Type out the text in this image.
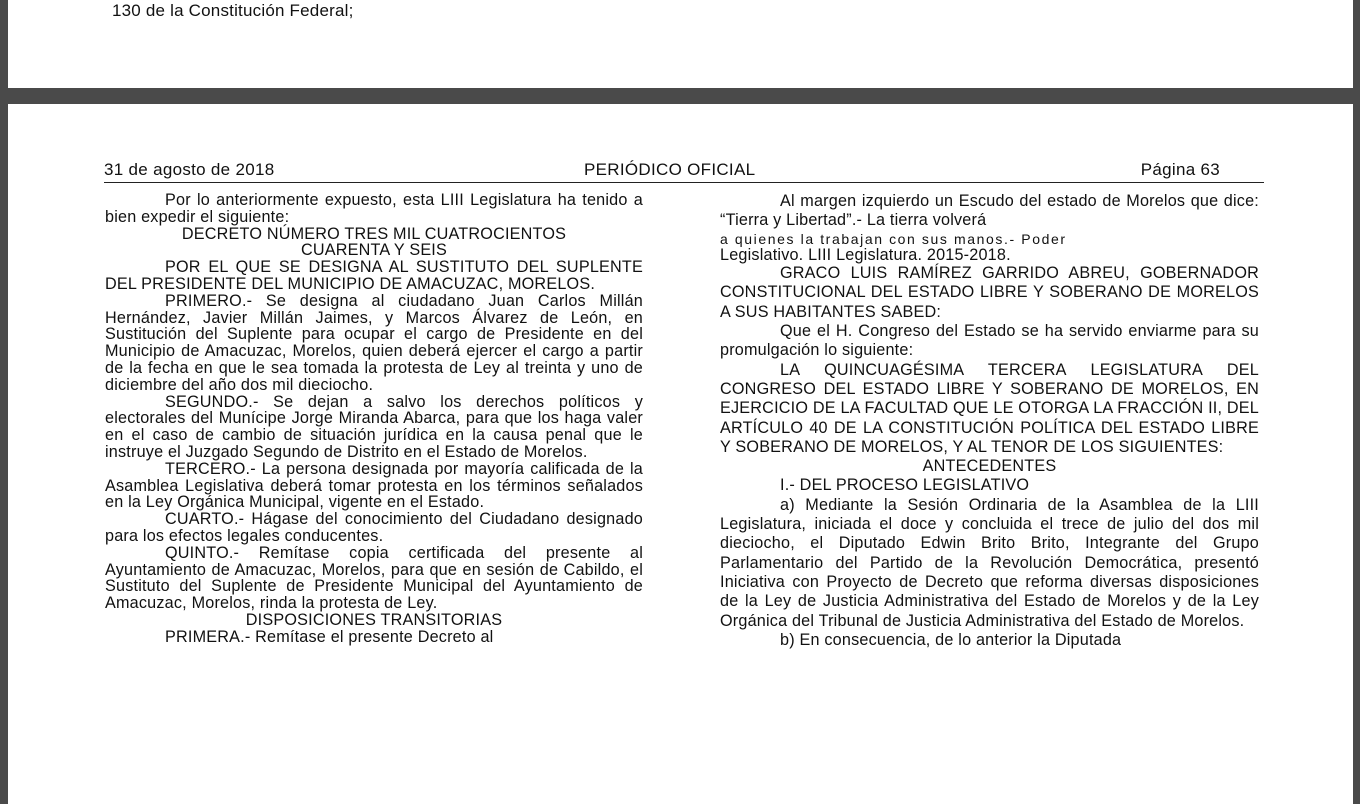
130 de la Constitución Federal;
31 de agosto de 2018	PERIÓDICO OFICIAL	Página 63

Por lo anteriormente expuesto, esta LIII Legislatura ha tenido a bien expedir el siguiente:

DECRETO NÚMERO TRES MIL CUATROCIENTOS

CUARENTA Y SEIS

POR EL QUE SE DESIGNA AL SUSTITUTO DEL SUPLENTE DEL PRESIDENTE DEL MUNICIPIO DE AMACUZAC, MORELOS.

PRIMERO.- Se designa al ciudadano Juan Carlos Millán Hernández, Javier Millán Jaimes, y Marcos Álvarez de León, en Sustitución del Suplente para ocupar el cargo de Presidente en del Municipio de Amacuzac, Morelos, quien deberá ejercer el cargo a partir de la fecha en que le sea tomada la protesta de Ley al treinta y uno de diciembre del año dos mil dieciocho.

SEGUNDO.- Se dejan a salvo los derechos políticos y electorales del Munícipe Jorge Miranda Abarca, para que los haga valer en el caso de cambio de situación jurídica en la causa penal que le instruye el Juzgado Segundo de Distrito en el Estado de Morelos.

TERCERO.- La persona designada por mayoría calificada de la Asamblea Legislativa deberá tomar protesta en los términos señalados en la Ley Orgánica Municipal, vigente en el Estado.

CUARTO.- Hágase del conocimiento del Ciudadano designado para los efectos legales conducentes.

QUINTO.- Remítase copia certificada del presente al Ayuntamiento de Amacuzac, Morelos, para que en sesión de Cabildo, el Sustituto del Suplente de Presidente Municipal del Ayuntamiento de Amacuzac, Morelos, rinda la protesta de Ley.

DISPOSICIONES TRANSITORIAS

PRIMERA.- Remítase el presente Decreto al

Al margen izquierdo un Escudo del estado de Morelos que dice: “Tierra y Libertad”.- La tierra volverá

a quienes la trabajan con sus manos.- Poder

Legislativo. LIII Legislatura. 2015-2018.

GRACO LUIS RAMÍREZ GARRIDO ABREU, GOBERNADOR CONSTITUCIONAL DEL ESTADO LIBRE Y SOBERANO DE MORELOS A SUS HABITANTES SABED:

Que el H. Congreso del Estado se ha servido enviarme para su promulgación lo siguiente:

LA QUINCUAGÉSIMA TERCERA LEGISLATURA DEL CONGRESO DEL ESTADO LIBRE Y SOBERANO DE MORELOS, EN EJERCICIO DE LA FACULTAD QUE LE OTORGA LA FRACCIÓN II, DEL ARTÍCULO 40 DE LA CONSTITUCIÓN POLÍTICA DEL ESTADO LIBRE Y SOBERANO DE MORELOS, Y AL TENOR DE LOS SIGUIENTES:

ANTECEDENTES

I.- DEL PROCESO LEGISLATIVO

a) Mediante la Sesión Ordinaria de la Asamblea de la LIII Legislatura, iniciada el doce y concluida el trece de julio del dos mil dieciocho, el Diputado Edwin Brito Brito, Integrante del Grupo Parlamentario del Partido de la Revolución Democrática, presentó Iniciativa con Proyecto de Decreto que reforma diversas disposiciones de la Ley de Justicia Administrativa del Estado de Morelos y de la Ley Orgánica del Tribunal de Justicia Administrativa del Estado de Morelos.

b) En consecuencia, de lo anterior la Diputada
